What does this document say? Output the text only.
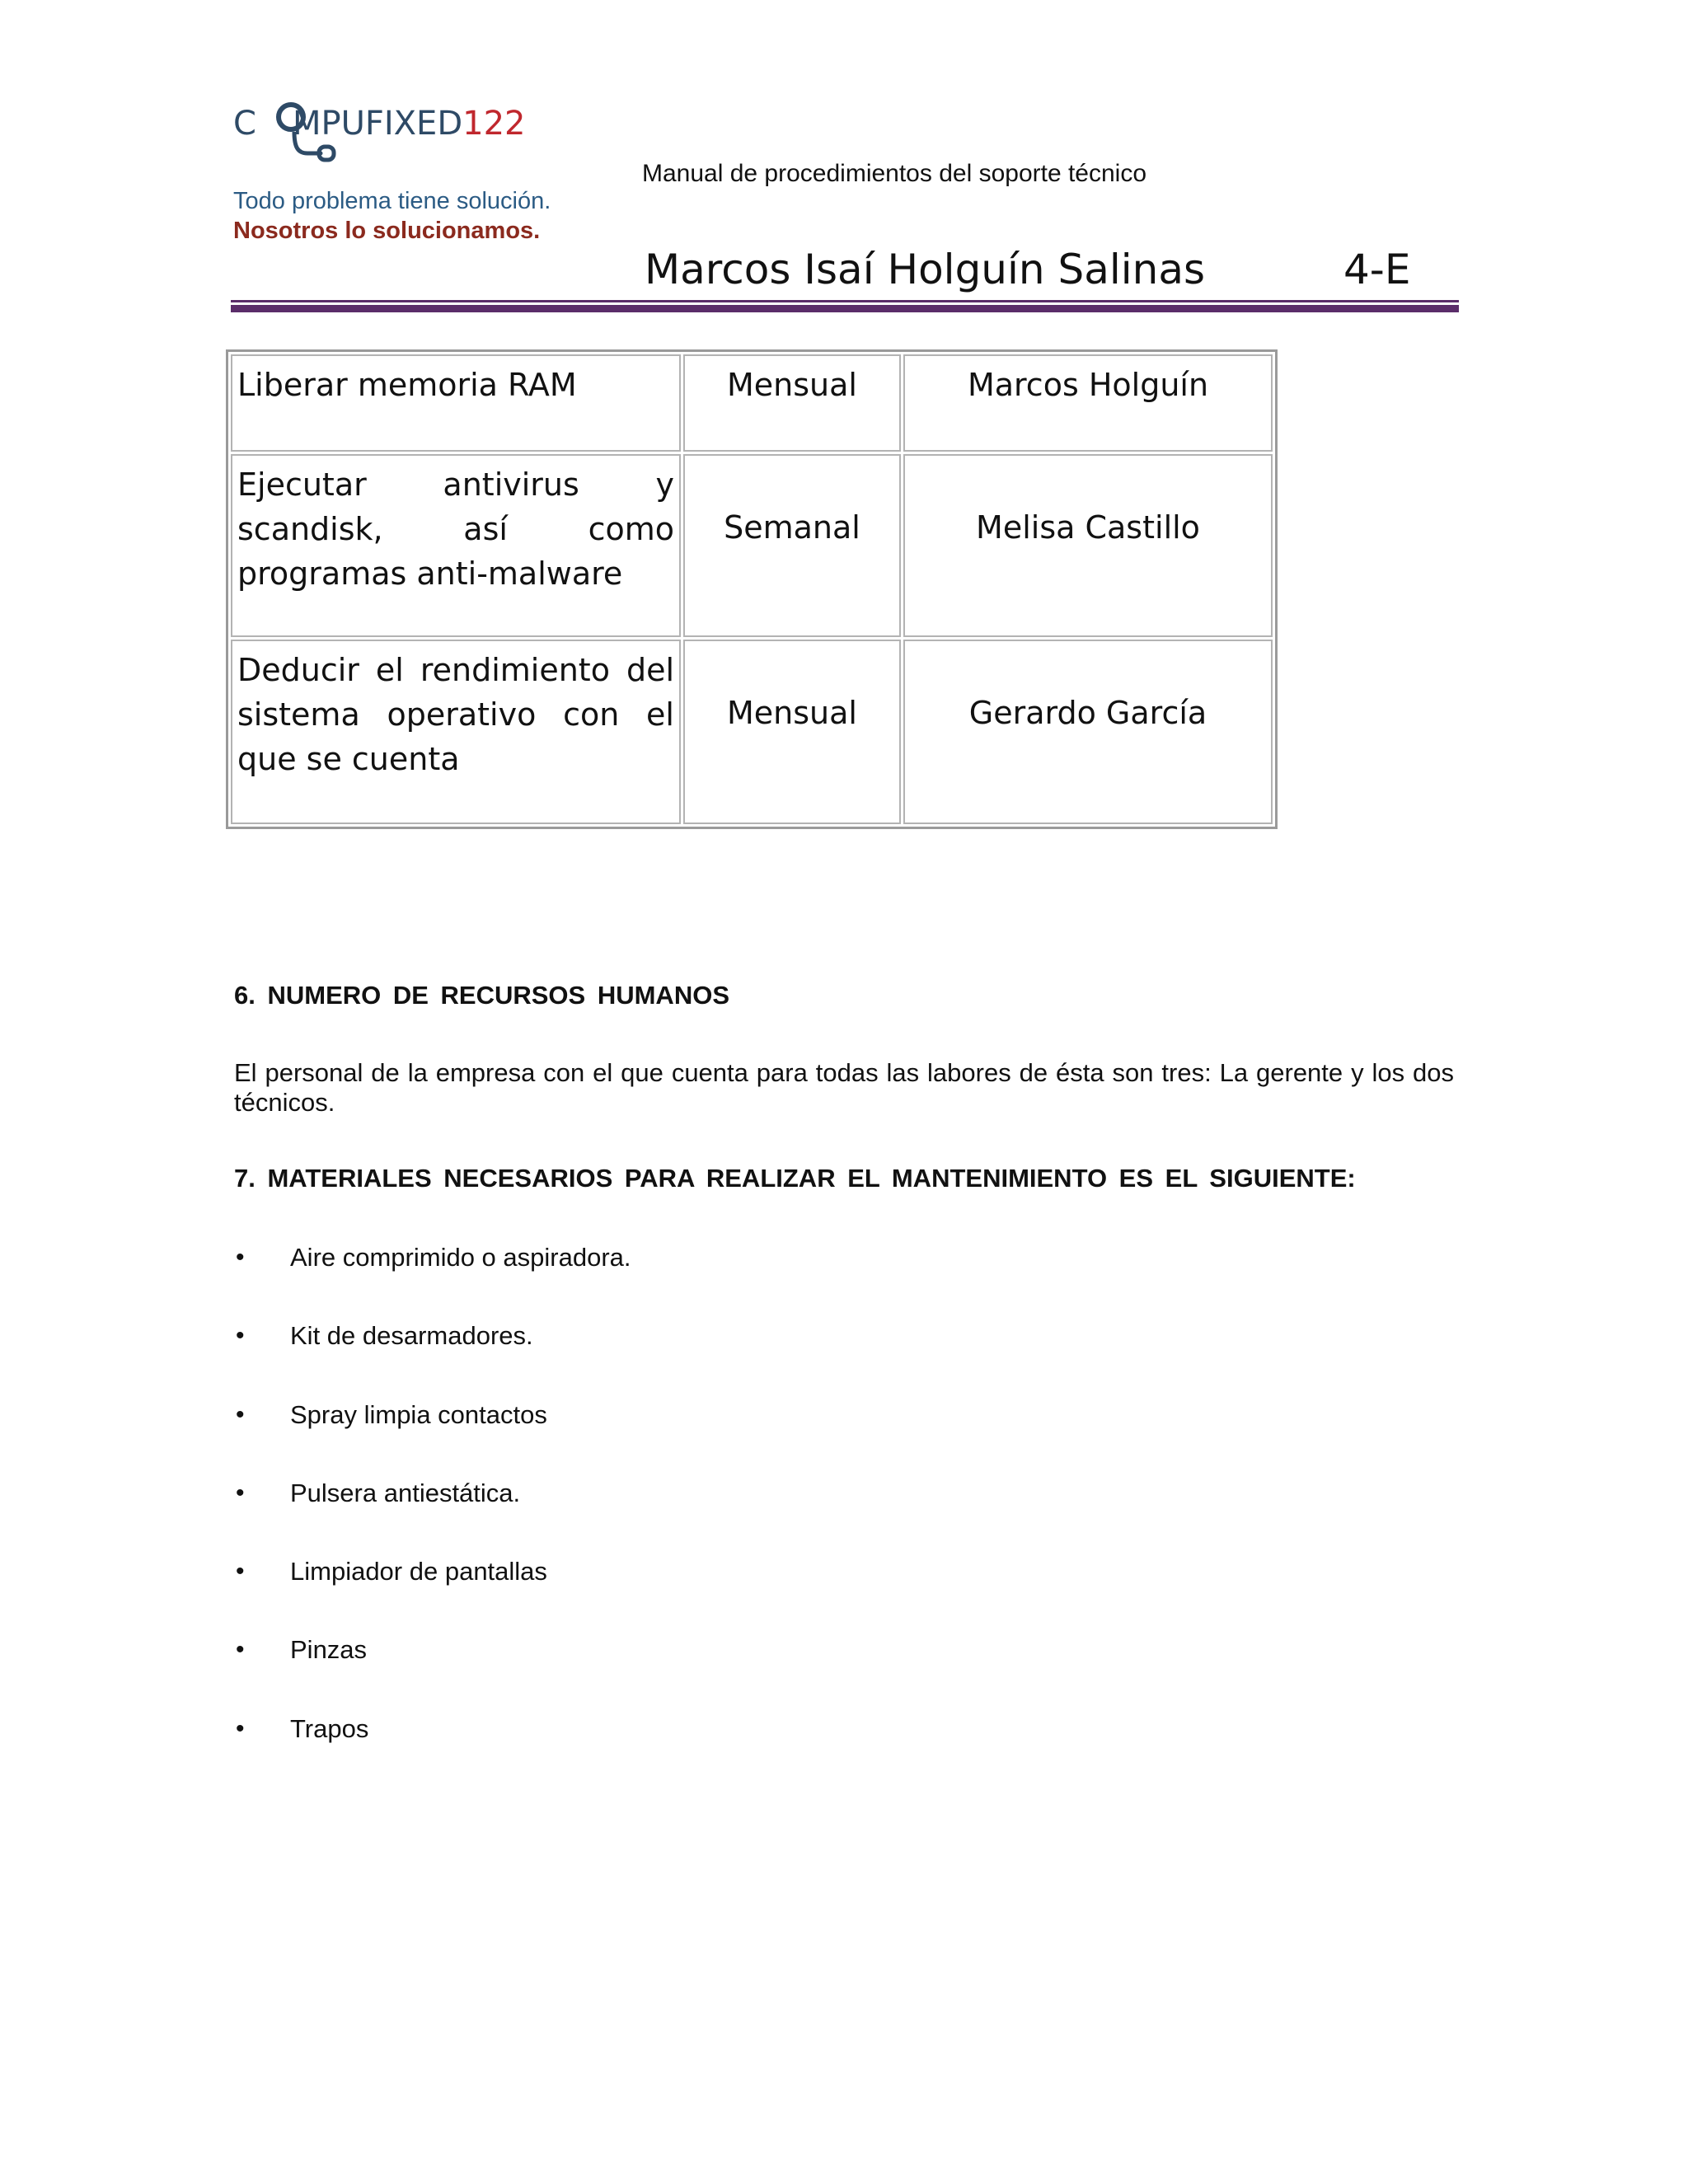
C MPUFIXED122
Todo problema tiene solución.
Nosotros lo solucionamos.
Manual de procedimientos del soporte técnico
Marcos Isaí Holguín Salinas	4-E
Liberar memoria RAM	Mensual	Marcos Holguín
Ejecutar antivirus y scandisk, así como programas anti-malware	Semanal	Melisa Castillo

Deducir el rendimiento del sistema operativo con el que se cuenta	Mensual	Gerardo García
6. NUMERO DE RECURSOS HUMANOS
El personal de la empresa con el que cuenta para todas las labores de ésta son tres: La gerente y los dos técnicos.
7. MATERIALES NECESARIOS PARA REALIZAR EL MANTENIMIENTO ES EL SIGUIENTE:
• Aire comprimido o aspiradora.
• Kit de desarmadores.
• Spray limpia contactos
• Pulsera antiestática.
• Limpiador de pantallas
• Pinzas
• Trapos
